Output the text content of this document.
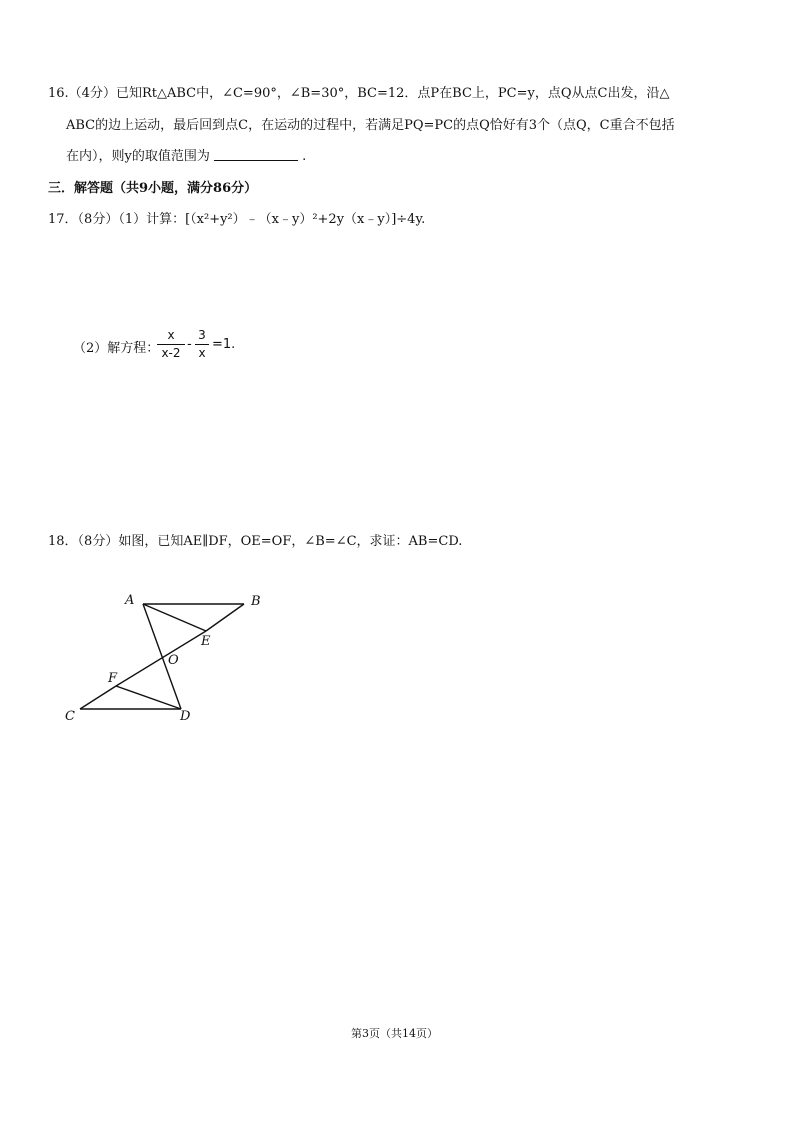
16.（4分）已知Rt△ABC中，∠C=90°，∠B=30°，BC=12．点P在BC上，PC=y，点Q从点C出发，沿△
ABC的边上运动，最后回到点C，在运动的过程中，若满足PQ=PC的点Q恰好有3个（点Q，C重合不包括
在内），则y的取值范围为	.
三．解答题（共9小题，满分86分）
17．（8分）（1）计算：[（x²+y²）﹣（x﹣y）²+2y（x﹣y）]÷4y.
（2）解方程：
x
x-2
-
3
x
=1.
18．（8分）如图，已知AE∥DF，OE=OF，∠B=∠C，求证：AB=CD.
A	B
E
O
F
C	D
第3页（共14页）
